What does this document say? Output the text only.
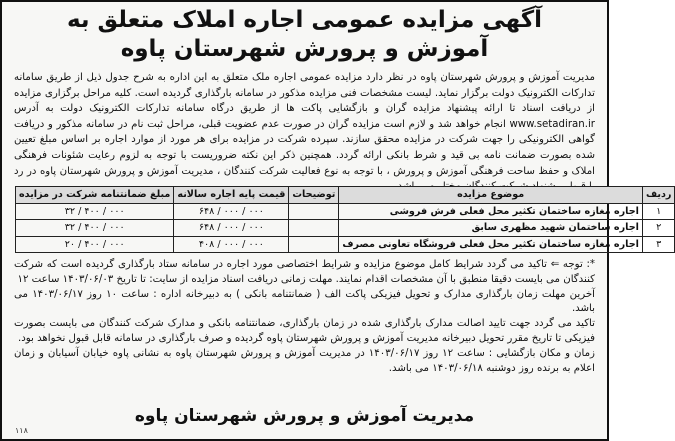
آگهی مزایده عمومی اجاره املاک متعلق به
آموزش و پرورش شهرستان پاوه

مدیریت آموزش و پرورش شهرستان پاوه در نظر دارد مزایده عمومی اجاره ملک متعلق به این اداره به شرح جدول ذیل از طریق سامانه تدارکات الکترونیک دولت برگزار نماید. لیست مشخصات فنی مزایده مذکور در سامانه بارگذاری گردیده است. کلیه مراحل برگزاری مزایده از دریافت اسناد تا ارائه پیشنهاد مزایده گران و بازگشایی پاکت ها از طریق درگاه سامانه تدارکات الکترونیک دولت به آدرس www.setadiran.ir انجام خواهد شد و لازم است مزایده گران در صورت عدم عضویت قبلی، مراحل ثبت نام در سامانه مذکور و دریافت گواهی الکترونیکی را جهت شرکت در مزایده محقق سازند. سپرده شرکت در مزایده برای هر مورد از موارد اجاره بر اساس مبلغ تعیین شده بصورت ضمانت نامه بی قید و شرط بانکی ارائه گردد. همچنین ذکر این نکته ضروریست با توجه به لزوم رعایت شئونات فرهنگی املاک و حفظ ساحت فرهنگی آموزش و پرورش ، با توجه به نوع فعالیت شرکت کنندگان ، مدیریت آموزش و پرورش شهرستان پاوه در رد

ردیف	موضوع مزایده	توضیحات	قیمت پایه اجاره سالانه	مبلغ ضمانتنامه شرکت در مزایده
۱	اجاره مغازه ساختمان تکثیر محل فعلی فرش فروشی		۰۰۰ / ۰۰۰ / ۶۴۸	۰۰۰ / ۴۰۰ / ۳۲
۲	اجاره ساختمان شهید مظهری سابق		۰۰۰ / ۰۰۰ / ۶۴۸	۰۰۰ / ۴۰۰ / ۳۲
۳	اجاره مغازه ساختمان تکثیر محل فعلی فروشگاه تعاونی مصرف		۰۰۰ / ۰۰۰ / ۴۰۸	۰۰۰ / ۴۰۰ / ۲۰

*: توجه ⇐ تاکید می گردد شرایط کامل موضوع مزایده و شرایط اختصاصی مورد اجاره در سامانه ستاد بارگذاری گردیده است که شرکت کنندگان می بایست دقیقا منطبق با آن مشخصات اقدام نمایند. مهلت زمانی دریافت اسناد مزایده از سایت: تا تاریخ ۱۴۰۳/۰۶/۰۳ ساعت ۱۲

آخرین مهلت زمان بارگذاری مدارک و تحویل فیزیکی پاکت الف ( ضمانتنامه بانکی ) به دبیرخانه اداره : ساعت ۱۰ روز ۱۴۰۳/۰۶/۱۷ می باشد.

تاکید می گردد جهت تایید اصالت مدارک بارگذاری شده در زمان بارگذاری، ضمانتنامه بانکی و مدارک شرکت کنندگان می بایست بصورت فیزیکی تا تاریخ مقرر تحویل دبیرخانه مدیریت آموزش و پرورش شهرستان پاوه گردیده و صرف بارگذاری در سامانه قابل قبول نخواهد بود.

زمان و مکان بازگشایی : ساعت ۱۲ روز ۱۴۰۳/۰۶/۱۷ در مدیریت آموزش و پرورش شهرستان پاوه به نشانی پاوه خیابان آسیابان و زمان اعلام به برنده روز دوشنبه ۱۴۰۳/۰۶/۱۸ می باشد.

مدیریت آموزش و پرورش شهرستان پاوه
۱۱۸
